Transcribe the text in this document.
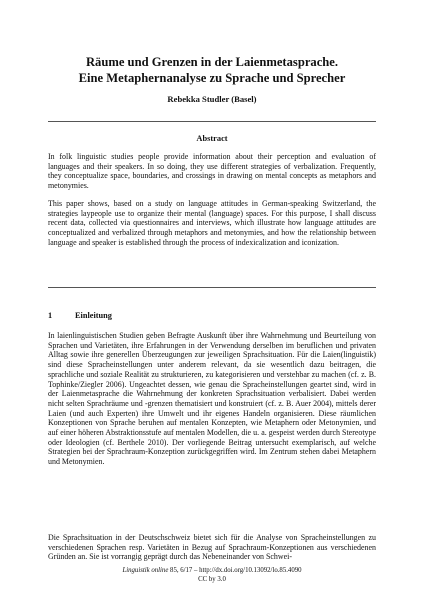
Räume und Grenzen in der Laienmetasprache.
Eine Metaphernanalyse zu Sprache und Sprecher
Rebekka Studler (Basel)
Abstract

In folk linguistic studies people provide information about their perception and evaluation of languages and their speakers. In so doing, they use different strategies of verbalization. Frequently, they conceptualize space, boundaries, and crossings in drawing on mental concepts as metaphors and metonymies.

This paper shows, based on a study on language attitudes in German-speaking Switzerland, the strategies laypeople use to organize their mental (language) spaces. For this purpose, I shall discuss recent data, collected via questionnaires and interviews, which illustrate how language attitudes are conceptualized and verbalized through metaphors and metonymies, and how the relationship between language and speaker is established through the process of indexicalization and iconization.

1	Einleitung

In laienlinguistischen Studien geben Befragte Auskunft über ihre Wahrnehmung und Beurteilung von Sprachen und Varietäten, ihre Erfahrungen in der Verwendung derselben im beruflichen und privaten Alltag sowie ihre generellen Überzeugungen zur jeweiligen Sprachsituation. Für die Laien(linguistik) sind diese Spracheinstellungen unter anderem relevant, da sie wesentlich dazu beitragen, die sprachliche und soziale Realität zu strukturieren, zu kategorisieren und verstehbar zu machen (cf. z. B. Tophinke/Ziegler 2006). Ungeachtet dessen, wie genau die Spracheinstellungen geartet sind, wird in der Laienmetasprache die Wahrnehmung der konkreten Sprachsituation verbalisiert. Dabei werden nicht selten Sprachräume und -grenzen thematisiert und konstruiert (cf. z. B. Auer 2004), mittels derer Laien (und auch Experten) ihre Umwelt und ihr eigenes Handeln organisieren. Diese räumlichen Konzeptionen von Sprache beruhen auf mentalen Konzepten, wie Metaphern oder Metonymien, und auf einer höheren Abstraktionsstufe auf mentalen Modellen, die u. a. gespeist werden durch Stereotype oder Ideologien (cf. Berthele 2010). Der vorliegende Beitrag untersucht exemplarisch, auf welche Strategien bei der Sprachraum-Konzeption zurückgegriffen wird. Im Zentrum stehen dabei Metaphern und Metonymien.

Die Sprachsituation in der Deutschschweiz bietet sich für die Analyse von Spracheinstellungen zu verschiedenen Sprachen resp. Varietäten in Bezug auf Sprachraum-Konzeptionen aus verschiedenen Gründen an. Sie ist vorrangig geprägt durch das Nebeneinander von Schwei-

Linguistik online 85, 6/17 – http://dx.doi.org/10.13092/lo.85.4090
CC by 3.0
